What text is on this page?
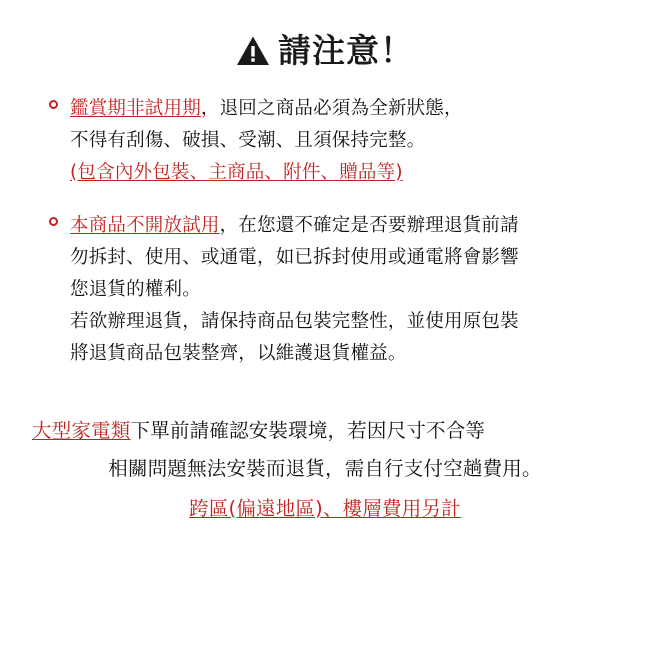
請注意！
鑑賞期非試用期，退回之商品必須為全新狀態，
不得有刮傷、破損、受潮、且須保持完整。
(包含內外包裝、主商品、附件、贈品等)
本商品不開放試用，在您還不確定是否要辦理退貨前請
勿拆封、使用、或通電，如已拆封使用或通電將會影響
您退貨的權利。
若欲辦理退貨，請保持商品包裝完整性，並使用原包裝
將退貨商品包裝整齊，以維護退貨權益。
大型家電類下單前請確認安裝環境，若因尺寸不合等
相關問題無法安裝而退貨，需自行支付空趟費用。
跨區(偏遠地區)、樓層費用另計
